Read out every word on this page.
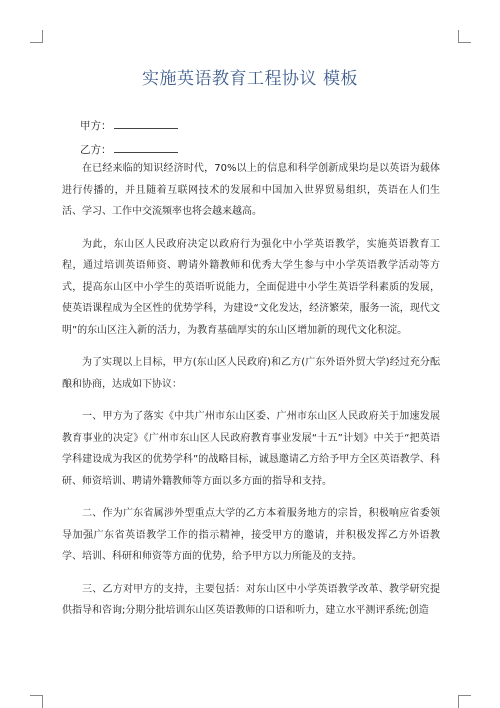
实施英语教育工程协议 模板
甲方：
乙方：

在已经来临的知识经济时代，70%以上的信息和科学创新成果均是以英语为载体进行传播的，并且随着互联网技术的发展和中国加入世界贸易组织，英语在人们生活、学习、工作中交流频率也将会越来越高。

为此，东山区人民政府决定以政府行为强化中小学英语教学，实施英语教育工程，通过培训英语师资、聘请外籍教师和优秀大学生参与中小学英语教学活动等方式，提高东山区中小学生的英语听说能力，全面促进中小学生英语学科素质的发展，使英语课程成为全区性的优势学科，为建设“文化发达，经济繁荣，服务一流，现代文明”的东山区注入新的活力，为教育基础厚实的东山区增加新的现代文化积淀。

为了实现以上目标，甲方(东山区人民政府)和乙方(广东外语外贸大学)经过充分酝酿和协商，达成如下协议：

一、甲方为了落实《中共广州市东山区委、广州市东山区人民政府关于加速发展教育事业的决定》《广州市东山区人民政府教育事业发展“十五”计划》中关于“把英语学科建设成为我区的优势学科”的战略目标，诚恳邀请乙方给予甲方全区英语教学、科研、师资培训、聘请外籍教师等方面以多方面的指导和支持。

二、作为广东省属涉外型重点大学的乙方本着服务地方的宗旨，积极响应省委领导加强广东省英语教学工作的指示精神，接受甲方的邀请，并积极发挥乙方外语教学、培训、科研和师资等方面的优势，给予甲方以力所能及的支持。

三、乙方对甲方的支持，主要包括：对东山区中小学英语教学改革、教学研究提供指导和咨询;分期分批培训东山区英语教师的口语和听力，建立水平测评系统;创造
